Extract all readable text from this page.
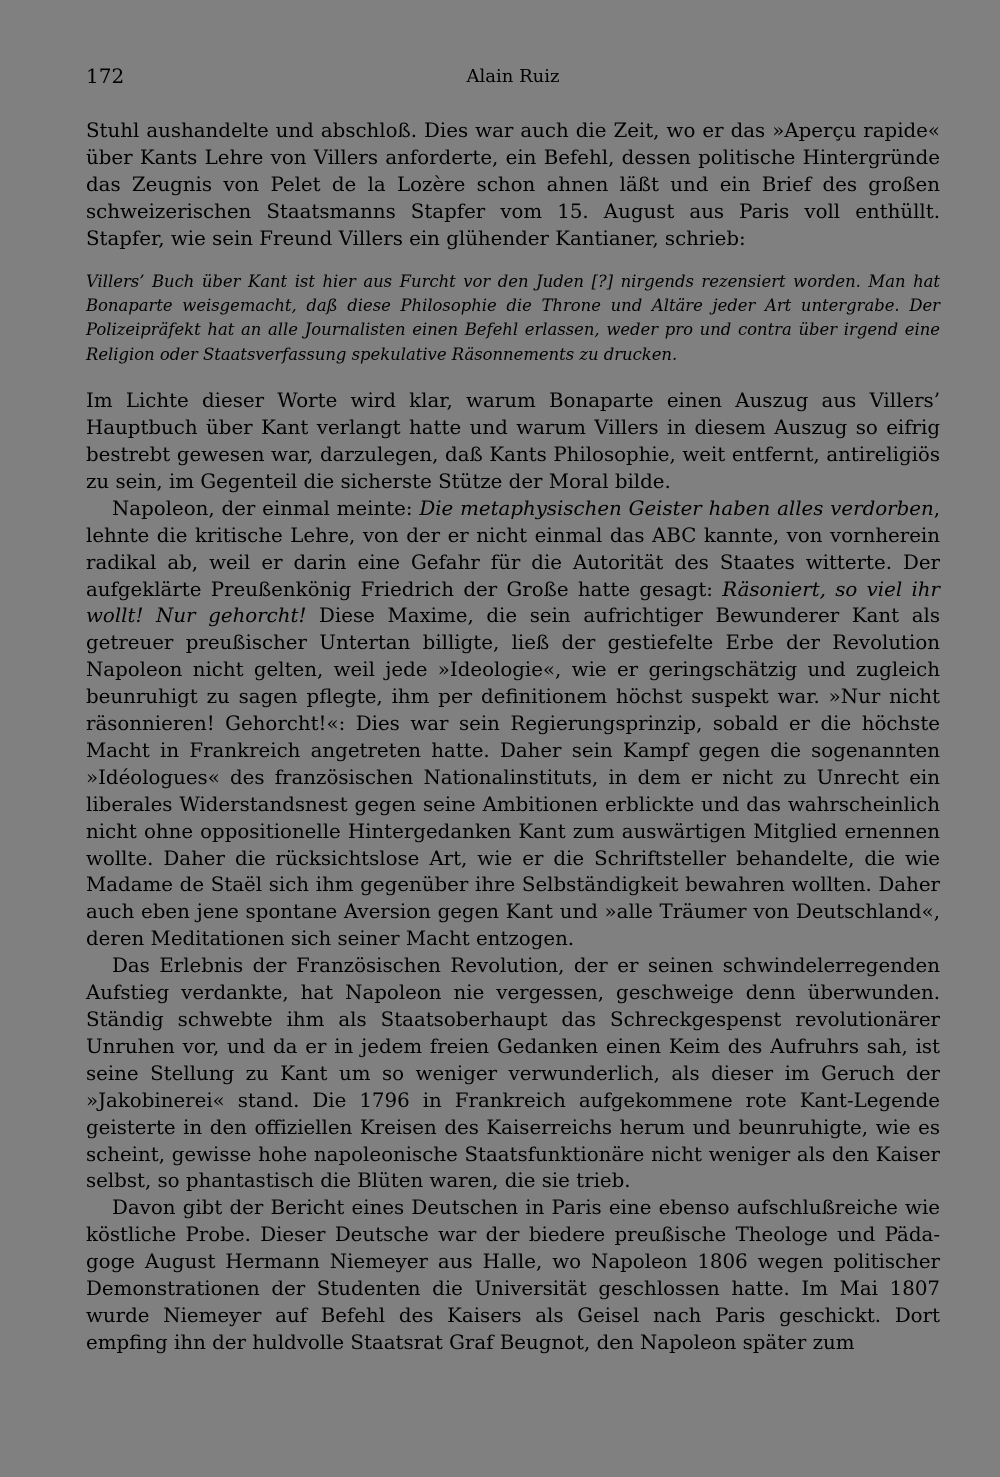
172	Alain Ruiz

Stuhl aushandelte und abschloß. Dies war auch die Zeit, wo er das »Aperçu rapide« über Kants Lehre von Villers anforderte, ein Befehl, dessen politische Hintergründe das Zeugnis von Pelet de la Lozère schon ahnen läßt und ein Brief des großen schweizerischen Staatsmanns Stapfer vom 15. August aus Paris voll enthüllt. Stapfer, wie sein Freund Villers ein glühender Kantianer, schrieb:

Villers’ Buch über Kant ist hier aus Furcht vor den Juden [?] nirgends rezensiert worden. Man hat Bonaparte weisgemacht, daß diese Philosophie die Throne und Altäre jeder Art untergrabe. Der Polizeipräfekt hat an alle Journalisten einen Befehl erlassen, weder pro und contra über irgend eine Religion oder Staatsverfassung spekulative Räsonnements zu drucken.

Im Lichte dieser Worte wird klar, warum Bonaparte einen Auszug aus Villers’ Hauptbuch über Kant verlangt hatte und warum Villers in diesem Auszug so eifrig bestrebt gewesen war, darzulegen, daß Kants Philosophie, weit entfernt, antireligiös zu sein, im Gegenteil die sicherste Stütze der Moral bilde.

Napoleon, der einmal meinte: Die metaphysischen Geister haben alles verdorben, lehnte die kritische Lehre, von der er nicht einmal das ABC kannte, von vornherein radikal ab, weil er darin eine Gefahr für die Autorität des Staates witterte. Der aufgeklärte Preußenkönig Friedrich der Große hatte gesagt: Räsoniert, so viel ihr wollt! Nur gehorcht! Diese Maxime, die sein aufrichtiger Bewunderer Kant als getreuer preußischer Untertan billigte, ließ der gestiefelte Erbe der Revolution Napoleon nicht gelten, weil jede »Ideologie«, wie er geringschätzig und zugleich beunruhigt zu sagen pflegte, ihm per definitionem höchst suspekt war. »Nur nicht räsonnieren! Gehorcht!«: Dies war sein Regierungsprinzip, sobald er die höchste Macht in Frankreich angetreten hatte. Daher sein Kampf gegen die sogenannten »Idéologues« des französischen Nationalinstituts, in dem er nicht zu Unrecht ein liberales Widerstandsnest gegen seine Ambitionen erblickte und das wahrscheinlich nicht ohne oppositionelle Hintergedanken Kant zum auswärtigen Mitglied ernennen wollte. Daher die rücksichtslose Art, wie er die Schriftsteller behandelte, die wie Madame de Staël sich ihm gegenüber ihre Selbständigkeit bewahren wollten. Daher auch eben jene spontane Aversion gegen Kant und »alle Träumer von Deutschland«, deren Meditationen sich seiner Macht entzogen.

Das Erlebnis der Französischen Revolution, der er seinen schwindelerregenden Aufstieg verdankte, hat Napoleon nie vergessen, geschweige denn überwunden. Ständig schwebte ihm als Staatsoberhaupt das Schreckgespenst revolutionärer Unruhen vor, und da er in jedem freien Gedanken einen Keim des Aufruhrs sah, ist seine Stellung zu Kant um so weniger verwunderlich, als dieser im Geruch der »Jakobinerei« stand. Die 1796 in Frankreich aufgekommene rote Kant-Legende geisterte in den offiziellen Kreisen des Kaiserreichs herum und beunruhigte, wie es scheint, gewisse hohe napoleonische Staatsfunktionäre nicht weniger als den Kaiser selbst, so phantastisch die Blüten waren, die sie trieb.

Davon gibt der Bericht eines Deutschen in Paris eine ebenso aufschlußreiche wie köstliche Probe. Dieser Deutsche war der biedere preußische Theologe und Pädagoge August Hermann Niemeyer aus Halle, wo Napoleon 1806 wegen politischer Demonstrationen der Studenten die Universität geschlossen hatte. Im Mai 1807 wurde Niemeyer auf Befehl des Kaisers als Geisel nach Paris geschickt. Dort empfing ihn der huldvolle Staatsrat Graf Beugnot, den Napoleon später zum
